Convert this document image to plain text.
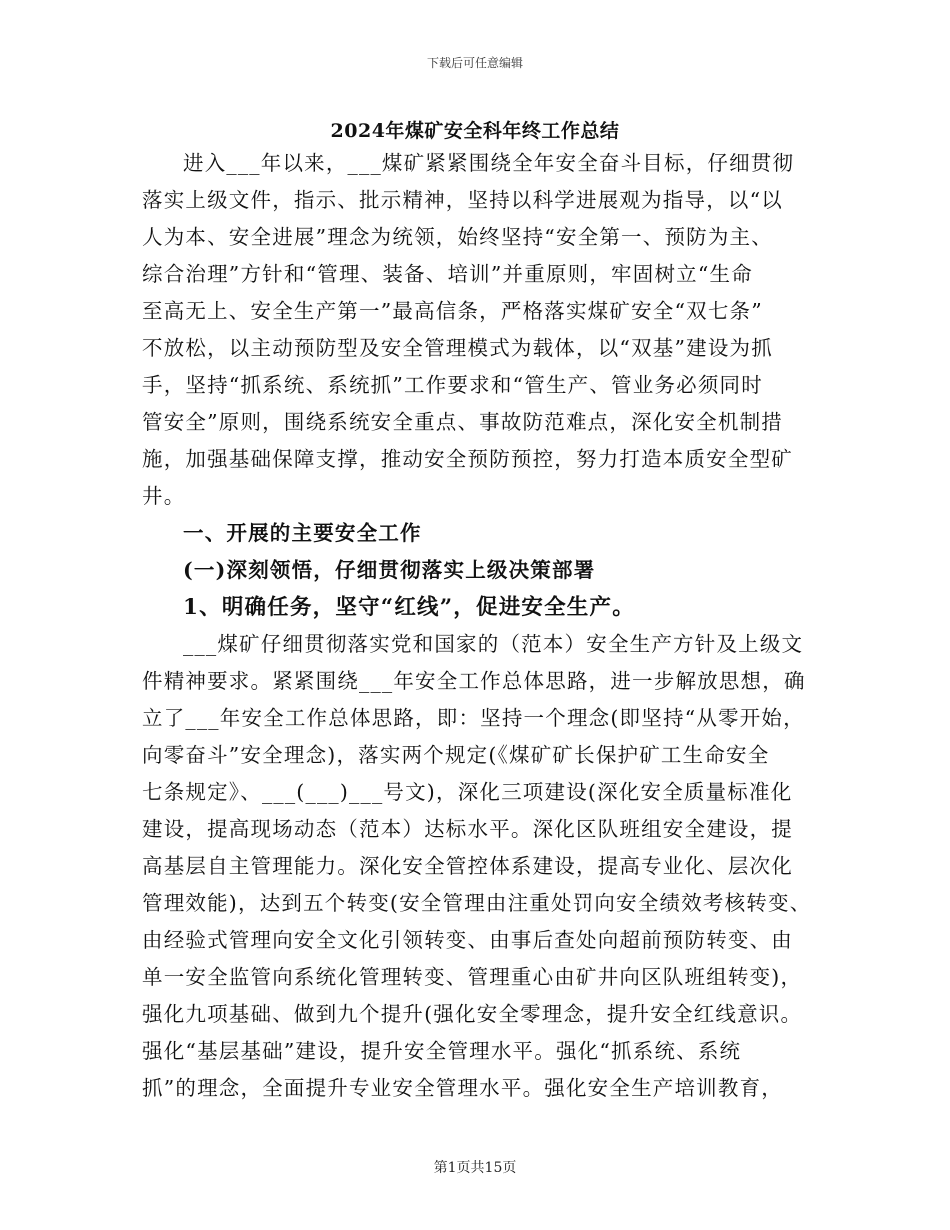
下载后可任意编辑
2024年煤矿安全科年终工作总结

进入___年以来，___煤矿紧紧围绕全年安全奋斗目标，仔细贯彻

落实上级文件，指示、批示精神，坚持以科学进展观为指导，以“以

人为本、安全进展”理念为统领，始终坚持“安全第一、预防为主、

综合治理”方针和“管理、装备、培训”并重原则，牢固树立“生命

至高无上、安全生产第一”最高信条，严格落实煤矿安全“双七条”

不放松，以主动预防型及安全管理模式为载体，以“双基”建设为抓

手，坚持“抓系统、系统抓”工作要求和“管生产、管业务必须同时

管安全”原则，围绕系统安全重点、事故防范难点，深化安全机制措

施，加强基础保障支撑，推动安全预防预控，努力打造本质安全型矿

井。

一、开展的主要安全工作

(一)深刻领悟，仔细贯彻落实上级决策部署

1、明确任务，坚守“红线”，促进安全生产。

___煤矿仔细贯彻落实党和国家的（范本）安全生产方针及上级文

件精神要求。紧紧围绕___年安全工作总体思路，进一步解放思想，确

立了___年安全工作总体思路，即：坚持一个理念(即坚持“从零开始，

向零奋斗”安全理念)，落实两个规定(《煤矿矿长保护矿工生命安全

七条规定》、___(___)___号文)，深化三项建设(深化安全质量标准化

建设，提高现场动态（范本）达标水平。深化区队班组安全建设，提

高基层自主管理能力。深化安全管控体系建设，提高专业化、层次化

管理效能)，达到五个转变(安全管理由注重处罚向安全绩效考核转变、

由经验式管理向安全文化引领转变、由事后查处向超前预防转变、由

单一安全监管向系统化管理转变、管理重心由矿井向区队班组转变)，

强化九项基础、做到九个提升(强化安全零理念，提升安全红线意识。

强化“基层基础”建设，提升安全管理水平。强化“抓系统、系统

抓”的理念，全面提升专业安全管理水平。强化安全生产培训教育，

第1页共15页
